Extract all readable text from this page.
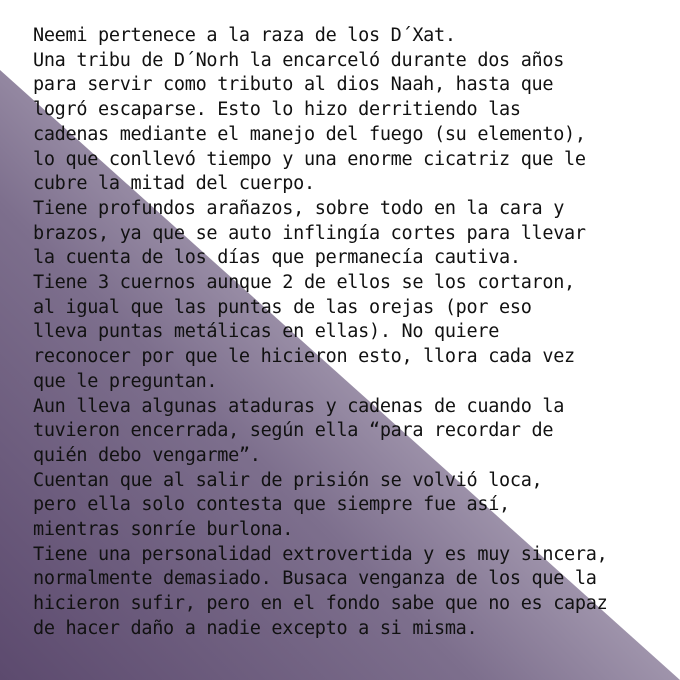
Neemi pertenece a la raza de los D´Xat.
Una tribu de D´Norh la encarceló durante dos años
para servir como tributo al dios Naah, hasta que
logró escaparse. Esto lo hizo derritiendo las
cadenas mediante el manejo del fuego (su elemento),
lo que conllevó tiempo y una enorme cicatriz que le
cubre la mitad del cuerpo.
Tiene profundos arañazos, sobre todo en la cara y
brazos, ya que se auto inflingía cortes para llevar
la cuenta de los días que permanecía cautiva.
Tiene 3 cuernos aunque 2 de ellos se los cortaron,
al igual que las puntas de las orejas (por eso
lleva puntas metálicas en ellas). No quiere
reconocer por que le hicieron esto, llora cada vez
que le preguntan.
Aun lleva algunas ataduras y cadenas de cuando la
tuvieron encerrada, según ella “para recordar de
quién debo vengarme”.
Cuentan que al salir de prisión se volvió loca,
pero ella solo contesta que siempre fue así,
mientras sonríe burlona.
Tiene una personalidad extrovertida y es muy sincera,
normalmente demasiado. Busaca venganza de los que la
hicieron sufir, pero en el fondo sabe que no es capaz
de hacer daño a nadie excepto a si misma.
